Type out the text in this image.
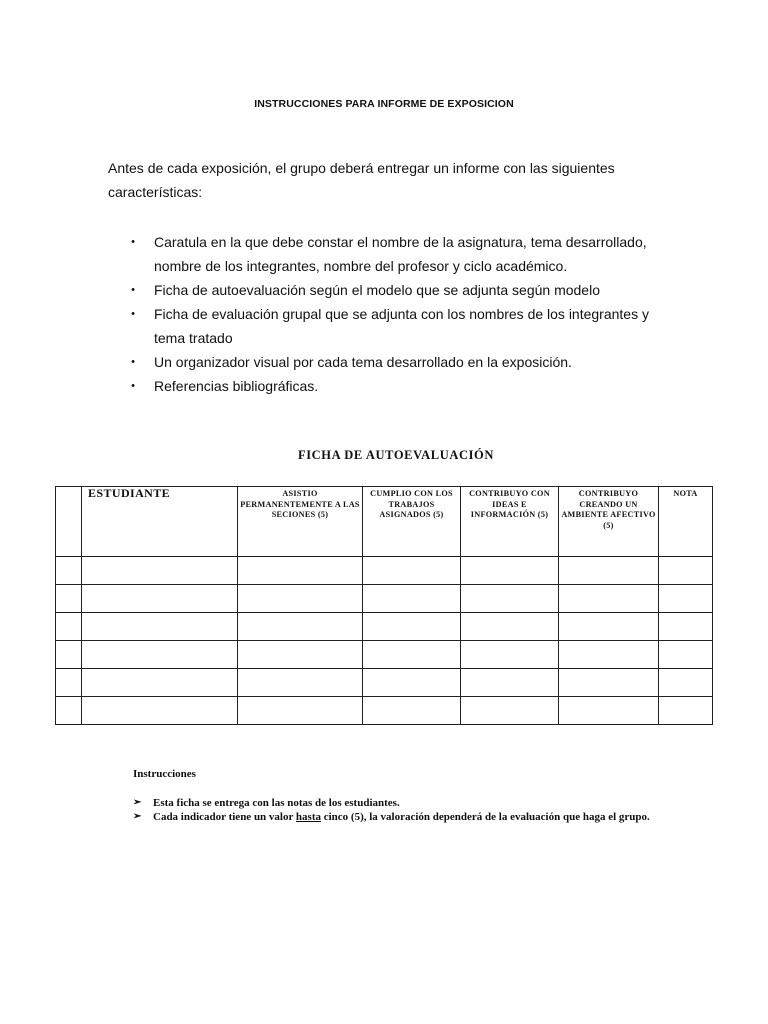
INSTRUCCIONES PARA INFORME DE EXPOSICION
Antes de cada exposición, el grupo deberá entregar un informe con las siguientes características:
• Caratula en la que debe constar el nombre de la asignatura, tema desarrollado, nombre de los integrantes, nombre del profesor y ciclo académico.
• Ficha de autoevaluación según el modelo que se adjunta según modelo
• Ficha de evaluación grupal que se adjunta con los nombres de los integrantes y tema tratado
• Un organizador visual por cada tema desarrollado en la exposición.
• Referencias bibliográficas.
FICHA DE AUTOEVALUACIÓN
	ESTUDIANTE	ASISTIO PERMANENTEMENTE A LAS SECIONES (5)	CUMPLIO CON LOS TRABAJOS ASIGNADOS (5)	CONTRIBUYO CON IDEAS E INFORMACIÓN (5)	CONTRIBUYO CREANDO UN AMBIENTE AFECTIVO (5)	NOTA

Instrucciones
➢ Esta ficha se entrega con las notas de los estudiantes.
➢ Cada indicador tiene un valor hasta cinco (5), la valoración dependerá de la evaluación que haga el grupo.
